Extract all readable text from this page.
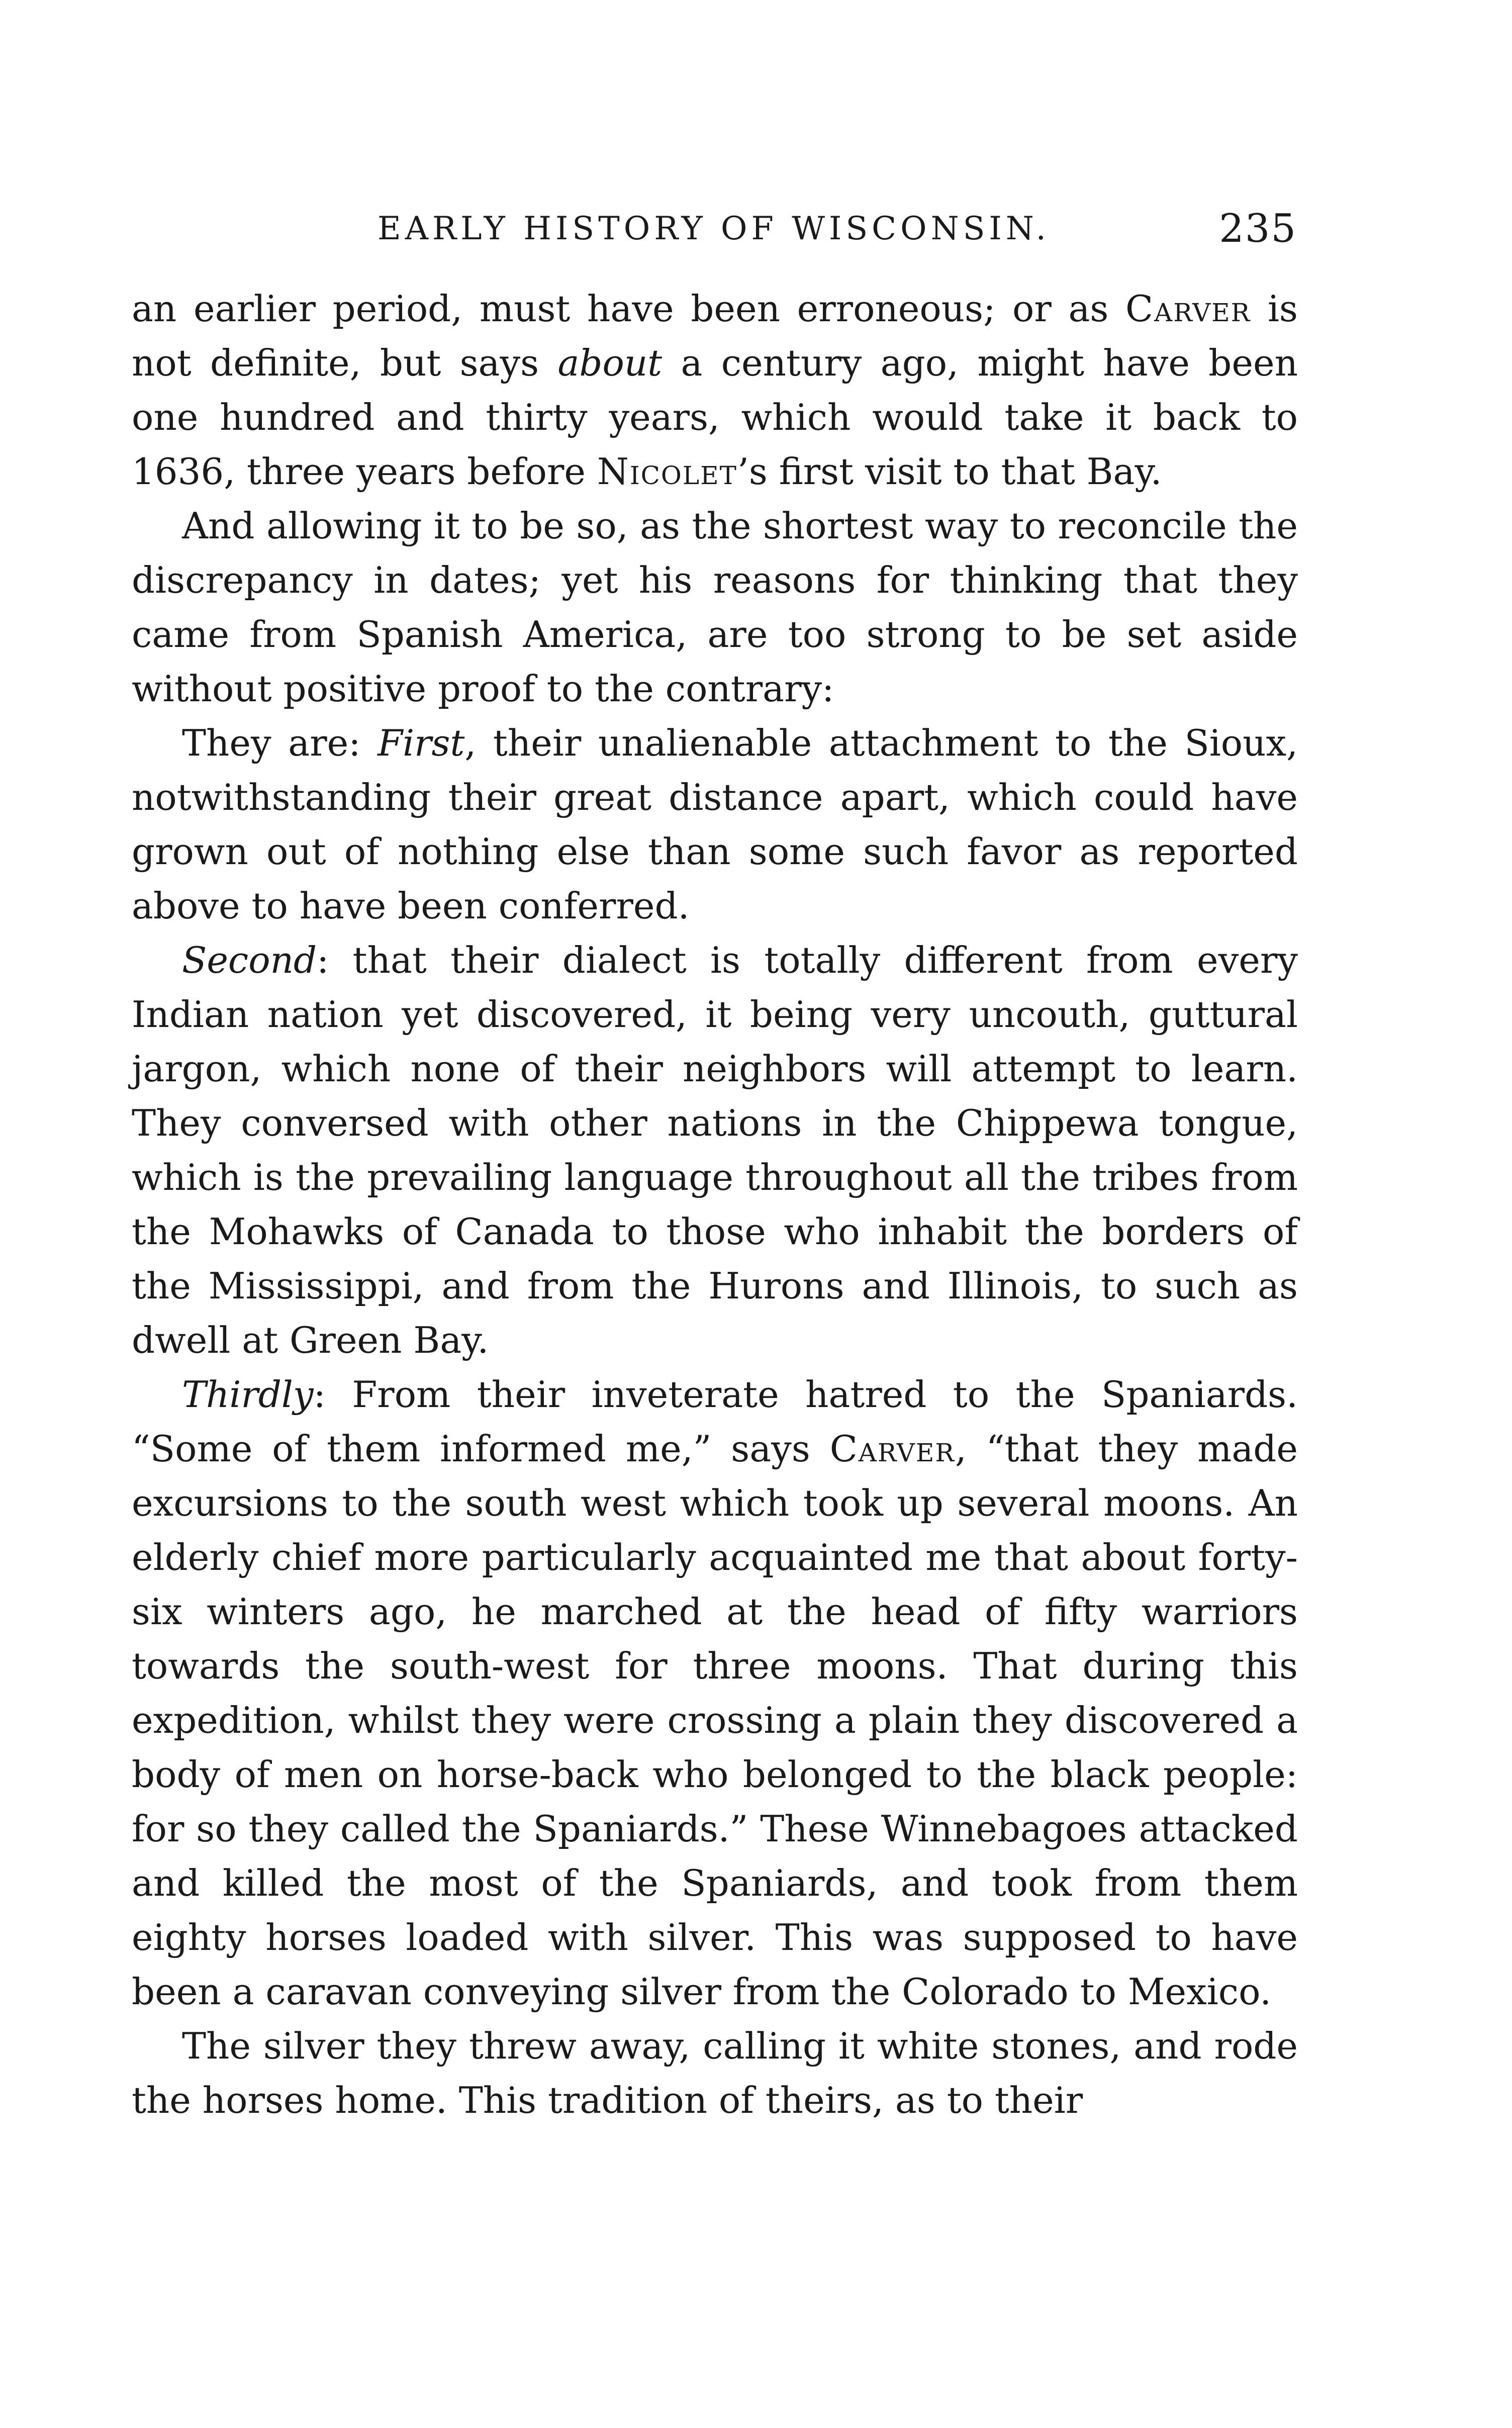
EARLY HISTORY OF WISCONSIN.	235

an earlier period, must have been erroneous; or as Carver is not definite, but says about a century ago, might have been one hundred and thirty years, which would take it back to 1636, three years before Nicolet’s first visit to that Bay.

And allowing it to be so, as the shortest way to reconcile the discrepancy in dates; yet his reasons for thinking that they came from Spanish America, are too strong to be set aside without positive proof to the contrary:

They are: First, their unalienable attachment to the Sioux, notwithstanding their great distance apart, which could have grown out of nothing else than some such favor as reported above to have been conferred.

Second: that their dialect is totally different from every Indian nation yet discovered, it being very uncouth, guttural jargon, which none of their neighbors will attempt to learn. They conversed with other nations in the Chippewa tongue, which is the prevailing language throughout all the tribes from the Mohawks of Canada to those who inhabit the borders of the Mississippi, and from the Hurons and Illinois, to such as dwell at Green Bay.

Thirdly: From their inveterate hatred to the Spaniards. “Some of them informed me,” says Carver, “that they made excursions to the south west which took up several moons. An elderly chief more particularly acquainted me that about forty-six winters ago, he marched at the head of fifty warriors towards the south-west for three moons. That during this expedition, whilst they were crossing a plain they discovered a body of men on horse-back who belonged to the black people: for so they called the Spaniards.” These Winnebagoes attacked and killed the most of the Spaniards, and took from them eighty horses loaded with silver. This was supposed to have been a caravan conveying silver from the Colorado to Mexico.

The silver they threw away, calling it white stones, and rode the horses home. This tradition of theirs, as to their
